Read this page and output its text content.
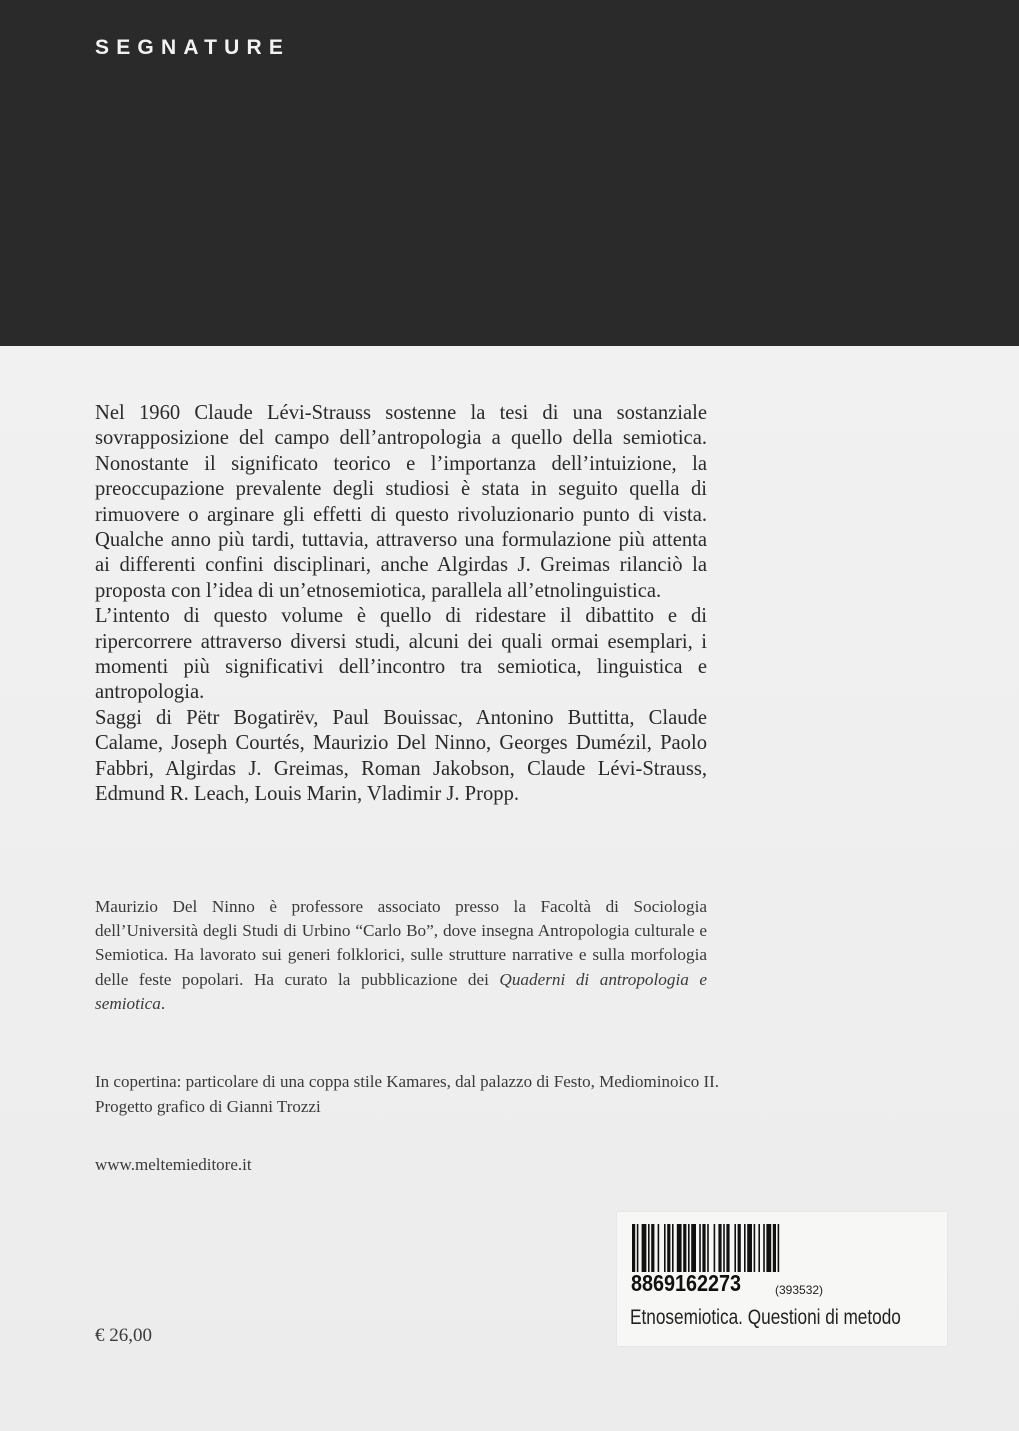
SEGNATURE

Nel 1960 Claude Lévi-Strauss sostenne la tesi di una sostanziale sovrapposizione del campo dell’antropologia a quello della semiotica. Nonostante il significato teorico e l’importanza dell’intuizione, la preoccupazione prevalente degli studiosi è stata in seguito quella di rimuovere o arginare gli effetti di questo rivoluzionario punto di vista. Qualche anno più tardi, tuttavia, attraverso una formulazione più attenta ai differenti confini disciplinari, anche Algirdas J. Greimas rilanciò la proposta con l’idea di un’etnosemiotica, parallela all’etnolinguistica.

L’intento di questo volume è quello di ridestare il dibattito e di ripercorrere attraverso diversi studi, alcuni dei quali ormai esemplari, i momenti più significativi dell’incontro tra semiotica, linguistica e antropologia.

Saggi di Pëtr Bogatirëv, Paul Bouissac, Antonino Buttitta, Claude Calame, Joseph Courtés, Maurizio Del Ninno, Georges Dumézil, Paolo Fabbri, Algirdas J. Greimas, Roman Jakobson, Claude Lévi-Strauss, Edmund R. Leach, Louis Marin, Vladimir J. Propp.

Maurizio Del Ninno è professore associato presso la Facoltà di Sociologia dell’Università degli Studi di Urbino “Carlo Bo”, dove insegna Antropologia culturale e Semiotica. Ha lavorato sui generi folklorici, sulle strutture narrative e sulla morfologia delle feste popolari. Ha curato la pubblicazione dei Quaderni di antropologia e semiotica.

In copertina: particolare di una coppa stile Kamares, dal palazzo di Festo, Mediominoico II.

Progetto grafico di Gianni Trozzi

www.meltemieditore.it
€ 26,00
8869162273	(393532)
Etnosemiotica. Questioni di metodo
